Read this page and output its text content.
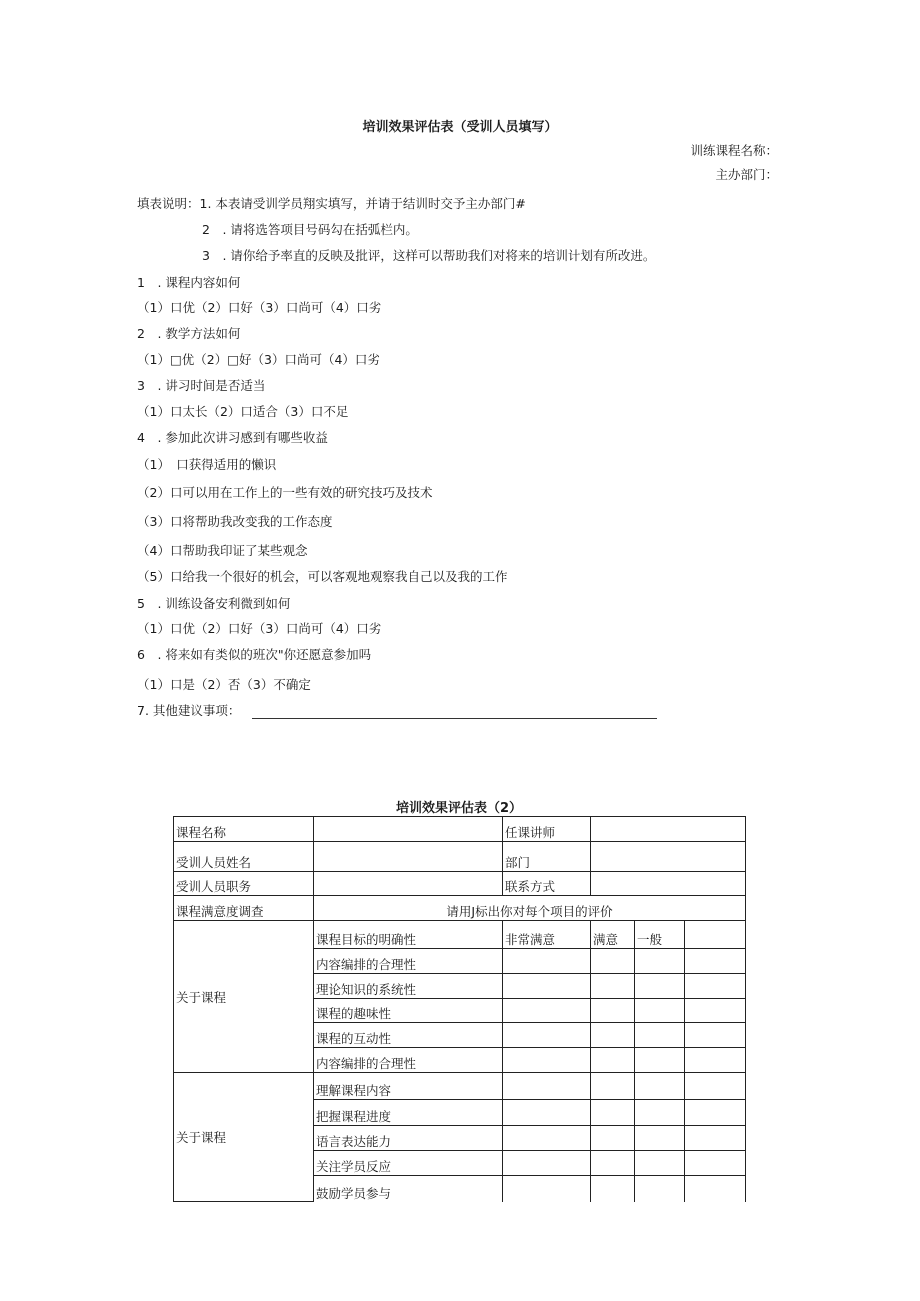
培训效果评估表（受训人员填写）
训练课程名称：
主办部门：
填表说明：1. 本表请受训学员翔实填写，并请于结训时交予主办部门#
2　. 请将选答项目号码勾在括弧栏内。
3　. 请你给予率直的反映及批评，这样可以帮助我们对将来的培训计划有所改进。
1　. 课程内容如何
（1）口优（2）口好（3）口尚可（4）口劣
2　. 教学方法如何
（1）□优（2）□好（3）口尚可（4）口劣
3　. 讲习时间是否适当
（1）口太长（2）口适合（3）口不足
4　. 参加此次讲习感到有哪些收益
（1）　口获得适用的懒识
（2）口可以用在工作上的一些有效的研究技巧及技术
（3）口将帮助我改变我的工作态度
（4）口帮助我印证了某些观念
（5）口给我一个很好的机会，可以客观地观察我自己以及我的工作
5　. 训练设备安利微到如何
（1）口优（2）口好（3）口尚可（4）口劣
6　. 将来如有类似的班次"你还愿意参加吗
（1）口是（2）否（3）不确定
7. 其他建议事项：
培训效果评估表（2）
课程名称		任课讲师			
受训人员姓名		部门			
受训人员职务		联系方式			
课程满意度调查	请用J标出你对每个项目的评价				
关于课程	课程目标的明确性	非常满意	满意	一般	
	内容编排的合理性				
	理论知识的系统性				
	课程的趣味性				
	课程的互动性				
	内容编排的合理性				
关于课程	理解课程内容				
	把握课程进度				
	语言表达能力				
	关注学员反应				
	鼓励学员参与				
